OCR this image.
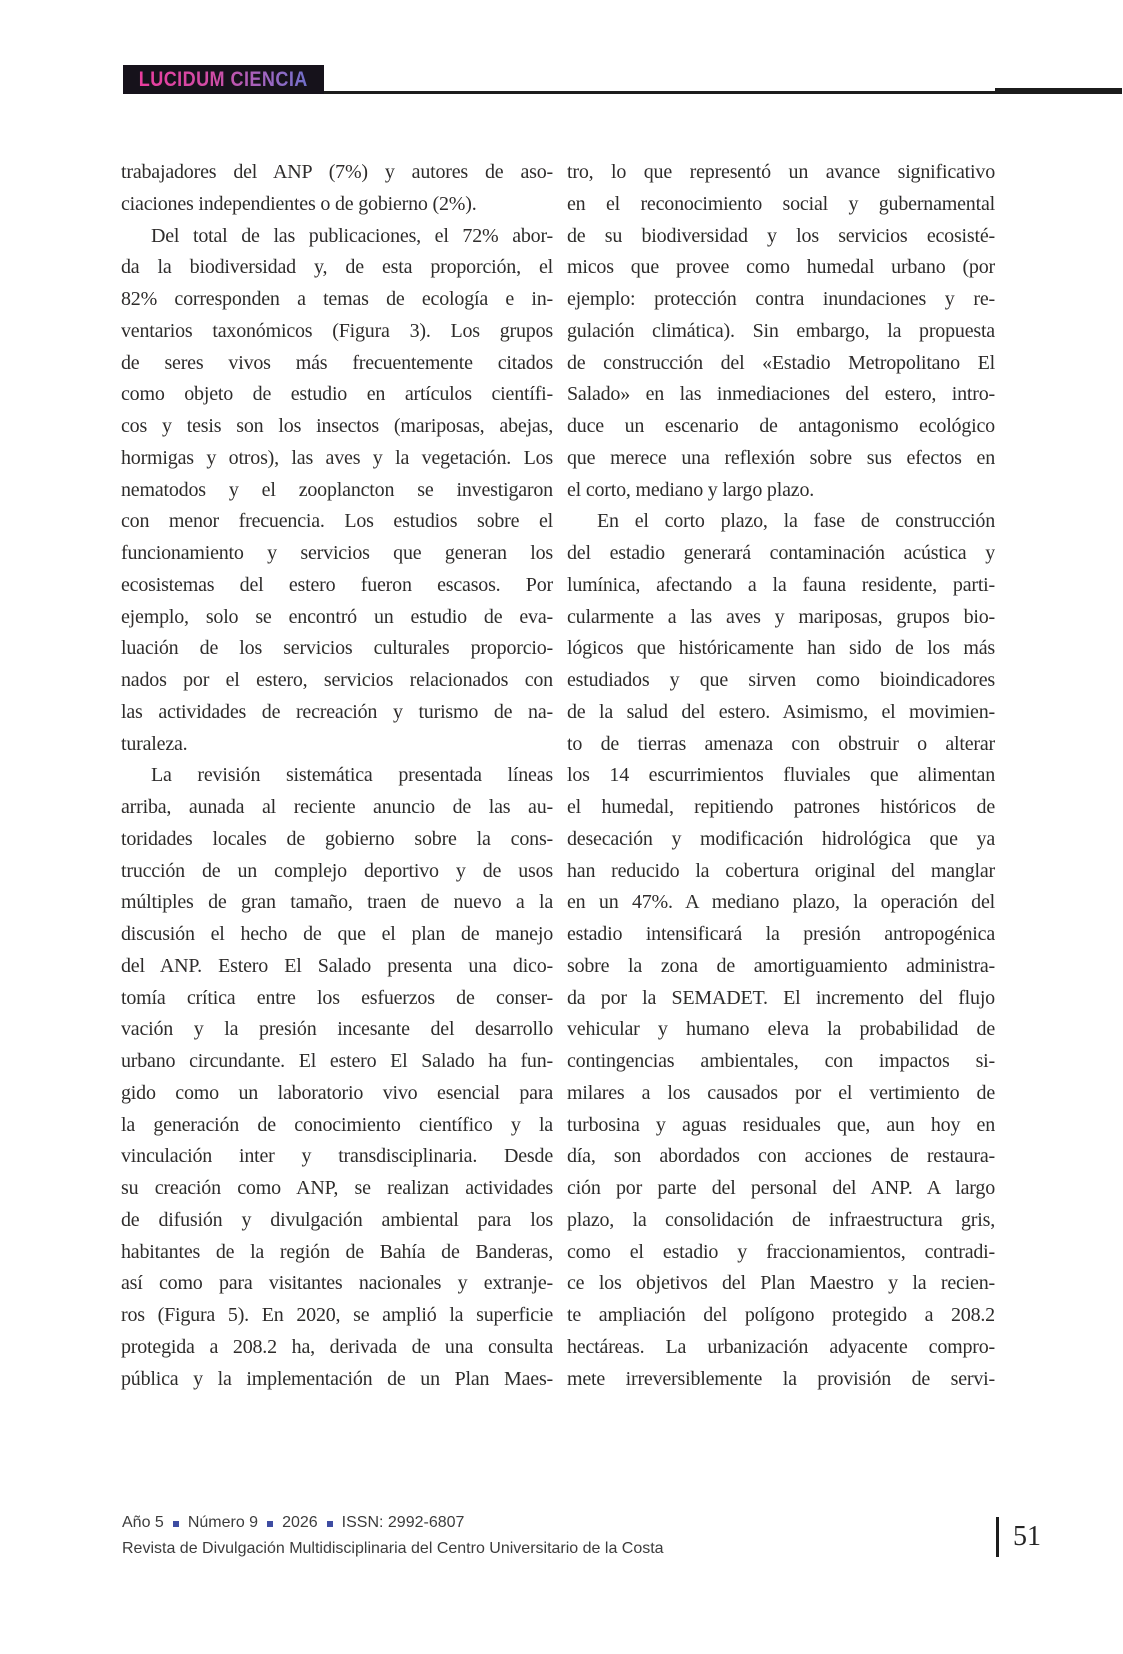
LUCIDUM CIENCIA
trabajadores del ANP (7%) y autores de aso-
ciaciones independientes o de gobierno (2%).
Del total de las publicaciones, el 72% abor-
da la biodiversidad y, de esta proporción, el
82% corresponden a temas de ecología e in-
ventarios taxonómicos (Figura 3). Los grupos
de seres vivos más frecuentemente citados
como objeto de estudio en artículos científi-
cos y tesis son los insectos (mariposas, abejas,
hormigas y otros), las aves y la vegetación. Los
nematodos y el zooplancton se investigaron
con menor frecuencia. Los estudios sobre el
funcionamiento y servicios que generan los
ecosistemas del estero fueron escasos. Por
ejemplo, solo se encontró un estudio de eva-
luación de los servicios culturales proporcio-
nados por el estero, servicios relacionados con
las actividades de recreación y turismo de na-
turaleza.
La revisión sistemática presentada líneas
arriba, aunada al reciente anuncio de las au-
toridades locales de gobierno sobre la cons-
trucción de un complejo deportivo y de usos
múltiples de gran tamaño, traen de nuevo a la
discusión el hecho de que el plan de manejo
del ANP. Estero El Salado presenta una dico-
tomía crítica entre los esfuerzos de conser-
vación y la presión incesante del desarrollo
urbano circundante. El estero El Salado ha fun-
gido como un laboratorio vivo esencial para
la generación de conocimiento científico y la
vinculación inter y transdisciplinaria. Desde
su creación como ANP, se realizan actividades
de difusión y divulgación ambiental para los
habitantes de la región de Bahía de Banderas,
así como para visitantes nacionales y extranje-
ros (Figura 5). En 2020, se amplió la superficie
protegida a 208.2 ha, derivada de una consulta
pública y la implementación de un Plan Maes-
tro, lo que representó un avance significativo
en el reconocimiento social y gubernamental
de su biodiversidad y los servicios ecosisté-
micos que provee como humedal urbano (por
ejemplo: protección contra inundaciones y re-
gulación climática). Sin embargo, la propuesta
de construcción del «Estadio Metropolitano El
Salado» en las inmediaciones del estero, intro-
duce un escenario de antagonismo ecológico
que merece una reflexión sobre sus efectos en
el corto, mediano y largo plazo.
En el corto plazo, la fase de construcción
del estadio generará contaminación acústica y
lumínica, afectando a la fauna residente, parti-
cularmente a las aves y mariposas, grupos bio-
lógicos que históricamente han sido de los más
estudiados y que sirven como bioindicadores
de la salud del estero. Asimismo, el movimien-
to de tierras amenaza con obstruir o alterar
los 14 escurrimientos fluviales que alimentan
el humedal, repitiendo patrones históricos de
desecación y modificación hidrológica que ya
han reducido la cobertura original del manglar
en un 47%. A mediano plazo, la operación del
estadio intensificará la presión antropogénica
sobre la zona de amortiguamiento administra-
da por la SEMADET. El incremento del flujo
vehicular y humano eleva la probabilidad de
contingencias ambientales, con impactos si-
milares a los causados por el vertimiento de
turbosina y aguas residuales que, aun hoy en
día, son abordados con acciones de restaura-
ción por parte del personal del ANP. A largo
plazo, la consolidación de infraestructura gris,
como el estadio y fraccionamientos, contradi-
ce los objetivos del Plan Maestro y la recien-
te ampliación del polígono protegido a 208.2
hectáreas. La urbanización adyacente compro-
mete irreversiblemente la provisión de servi-
Año 5 Número 9 2026 ISSN: 2992-6807
Revista de Divulgación Multidisciplinaria del Centro Universitario de la Costa	51
